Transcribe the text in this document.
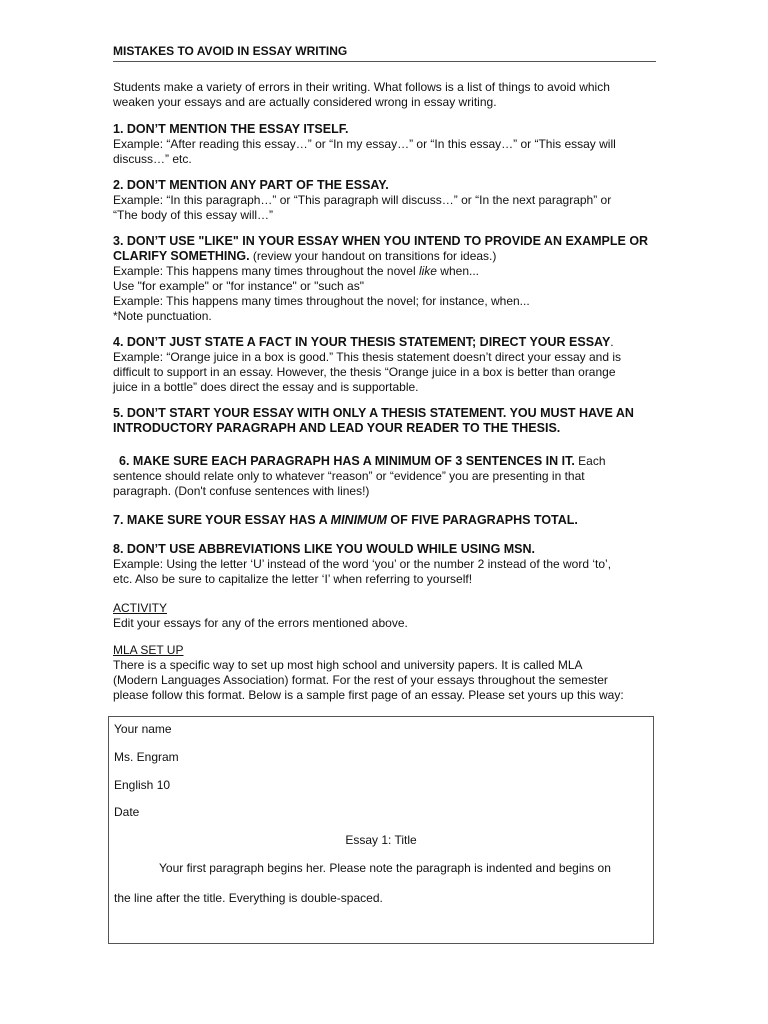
MISTAKES TO AVOID IN ESSAY WRITING

Students make a variety of errors in their writing. What follows is a list of things to avoid which

weaken your essays and are actually considered wrong in essay writing.

1. DON’T MENTION THE ESSAY ITSELF.

Example: “After reading this essay…” or “In my essay…” or “In this essay…” or “This essay will

discuss…” etc.

2. DON’T MENTION ANY PART OF THE ESSAY.

Example: “In this paragraph…” or “This paragraph will discuss…” or “In the next paragraph” or

“The body of this essay will…”

3. DON’T USE "LIKE" IN YOUR ESSAY WHEN YOU INTEND TO PROVIDE AN EXAMPLE OR

CLARIFY SOMETHING. (review your handout on transitions for ideas.)

Example: This happens many times throughout the novel like when...

Use "for example" or "for instance" or "such as"

Example: This happens many times throughout the novel; for instance, when...

*Note punctuation.

4. DON’T JUST STATE A FACT IN YOUR THESIS STATEMENT; DIRECT YOUR ESSAY.

Example: “Orange juice in a box is good.” This thesis statement doesn’t direct your essay and is

difficult to support in an essay. However, the thesis “Orange juice in a box is better than orange

juice in a bottle” does direct the essay and is supportable.

5. DON’T START YOUR ESSAY WITH ONLY A THESIS STATEMENT. YOU MUST HAVE AN

INTRODUCTORY PARAGRAPH AND LEAD YOUR READER TO THE THESIS.

6. MAKE SURE EACH PARAGRAPH HAS A MINIMUM OF 3 SENTENCES IN IT. Each

sentence should relate only to whatever “reason” or “evidence” you are presenting in that

paragraph. (Don't confuse sentences with lines!)

7. MAKE SURE YOUR ESSAY HAS A MINIMUM OF FIVE PARAGRAPHS TOTAL.

8. DON’T USE ABBREVIATIONS LIKE YOU WOULD WHILE USING MSN.

Example: Using the letter ‘U’ instead of the word ‘you’ or the number 2 instead of the word ‘to’,

etc. Also be sure to capitalize the letter ‘I’ when referring to yourself!

ACTIVITY

Edit your essays for any of the errors mentioned above.

MLA SET UP

There is a specific way to set up most high school and university papers. It is called MLA

(Modern Languages Association) format. For the rest of your essays throughout the semester

please follow this format. Below is a sample first page of an essay. Please set yours up this way:

Your name
Ms. Engram
English 10
Date
Essay 1: Title
Your first paragraph begins her. Please note the paragraph is indented and begins on
the line after the title. Everything is double-spaced.
